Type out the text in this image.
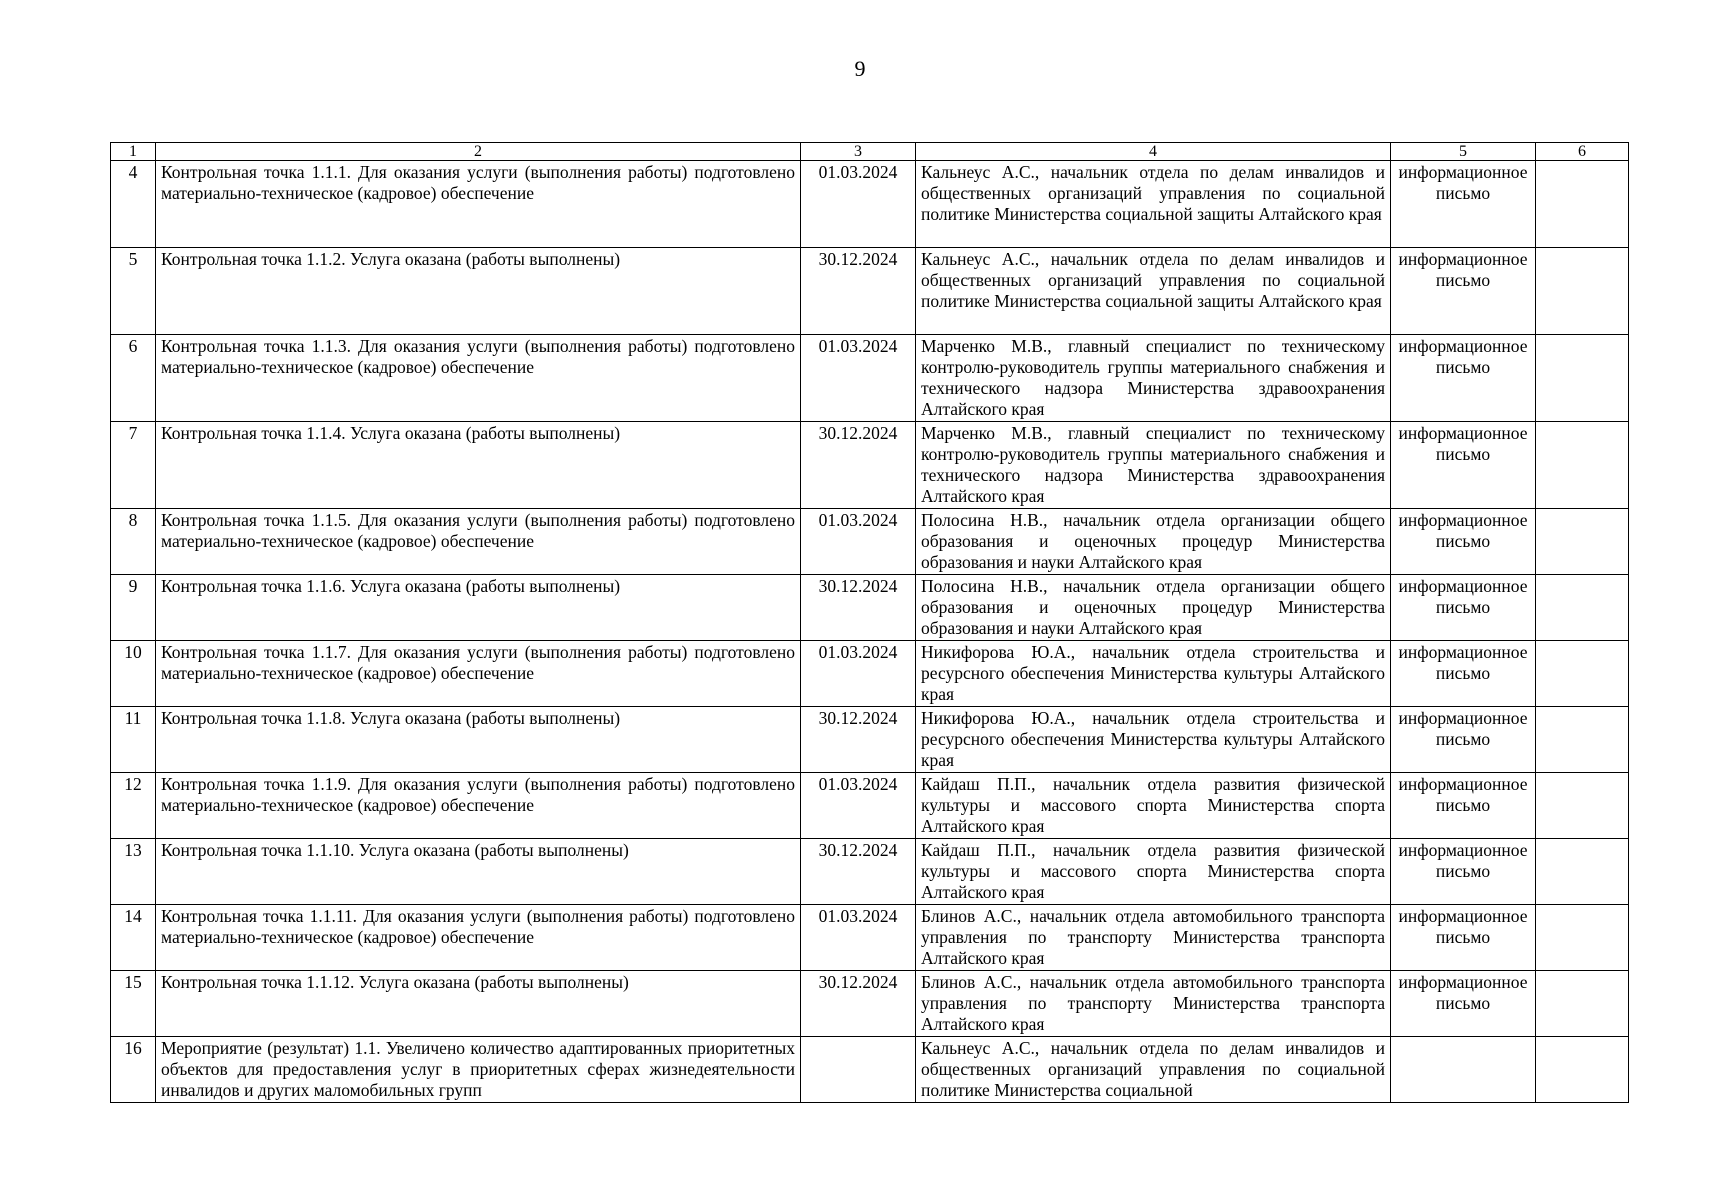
9
1	2	3	4	5	6
4	Контрольная точка 1.1.1. Для оказания услуги (выполнения работы) подготовлено материально-техническое (кадровое) обеспечение	01.03.2024	Кальнеус А.С., начальник отдела по делам инвалидов и общественных организаций управления по социальной политике Министерства социальной защиты Алтайского края	информационное письмо	
5	Контрольная точка 1.1.2. Услуга оказана (работы выполнены)	30.12.2024	Кальнеус А.С., начальник отдела по делам инвалидов и общественных организаций управления по социальной политике Министерства социальной защиты Алтайского края	информационное письмо	
6	Контрольная точка 1.1.3. Для оказания услуги (выполнения работы) подготовлено материально-техническое (кадровое) обеспечение	01.03.2024	Марченко М.В., главный специалист по техническому контролю-руководитель группы материального снабжения и технического надзора Министерства здравоохранения Алтайского края	информационное письмо	
7	Контрольная точка 1.1.4. Услуга оказана (работы выполнены)	30.12.2024	Марченко М.В., главный специалист по техническому контролю-руководитель группы материального снабжения и технического надзора Министерства здравоохранения Алтайского края	информационное письмо	
8	Контрольная точка 1.1.5. Для оказания услуги (выполнения работы) подготовлено материально-техническое (кадровое) обеспечение	01.03.2024	Полосина Н.В., начальник отдела организации общего образования и оценочных процедур Министерства образования и науки Алтайского края	информационное письмо	
9	Контрольная точка 1.1.6. Услуга оказана (работы выполнены)	30.12.2024	Полосина Н.В., начальник отдела организации общего образования и оценочных процедур Министерства образования и науки Алтайского края	информационное письмо	
10	Контрольная точка 1.1.7. Для оказания услуги (выполнения работы) подготовлено материально-техническое (кадровое) обеспечение	01.03.2024	Никифорова Ю.А., начальник отдела строительства и ресурсного обеспечения Министерства культуры Алтайского края	информационное письмо	
11	Контрольная точка 1.1.8. Услуга оказана (работы выполнены)	30.12.2024	Никифорова Ю.А., начальник отдела строительства и ресурсного обеспечения Министерства культуры Алтайского края	информационное письмо	
12	Контрольная точка 1.1.9. Для оказания услуги (выполнения работы) подготовлено материально-техническое (кадровое) обеспечение	01.03.2024	Кайдаш П.П., начальник отдела развития физической культуры и массового спорта Министерства спорта Алтайского края	информационное письмо	
13	Контрольная точка 1.1.10. Услуга оказана (работы выполнены)	30.12.2024	Кайдаш П.П., начальник отдела развития физической культуры и массового спорта Министерства спорта Алтайского края	информационное письмо	
14	Контрольная точка 1.1.11. Для оказания услуги (выполнения работы) подготовлено материально-техническое (кадровое) обеспечение	01.03.2024	Блинов А.С., начальник отдела автомобильного транспорта управления по транспорту Министерства транспорта Алтайского края	информационное письмо	
15	Контрольная точка 1.1.12. Услуга оказана (работы выполнены)	30.12.2024	Блинов А.С., начальник отдела автомобильного транспорта управления по транспорту Министерства транспорта Алтайского края	информационное письмо	
16	Мероприятие (результат) 1.1. Увеличено количество адаптированных приоритетных объектов для предоставления услуг в приоритетных сферах жизнедеятельности инвалидов и других маломобильных групп		Кальнеус А.С., начальник отдела по делам инвалидов и общественных организаций управления по социальной политике Министерства социальной		
